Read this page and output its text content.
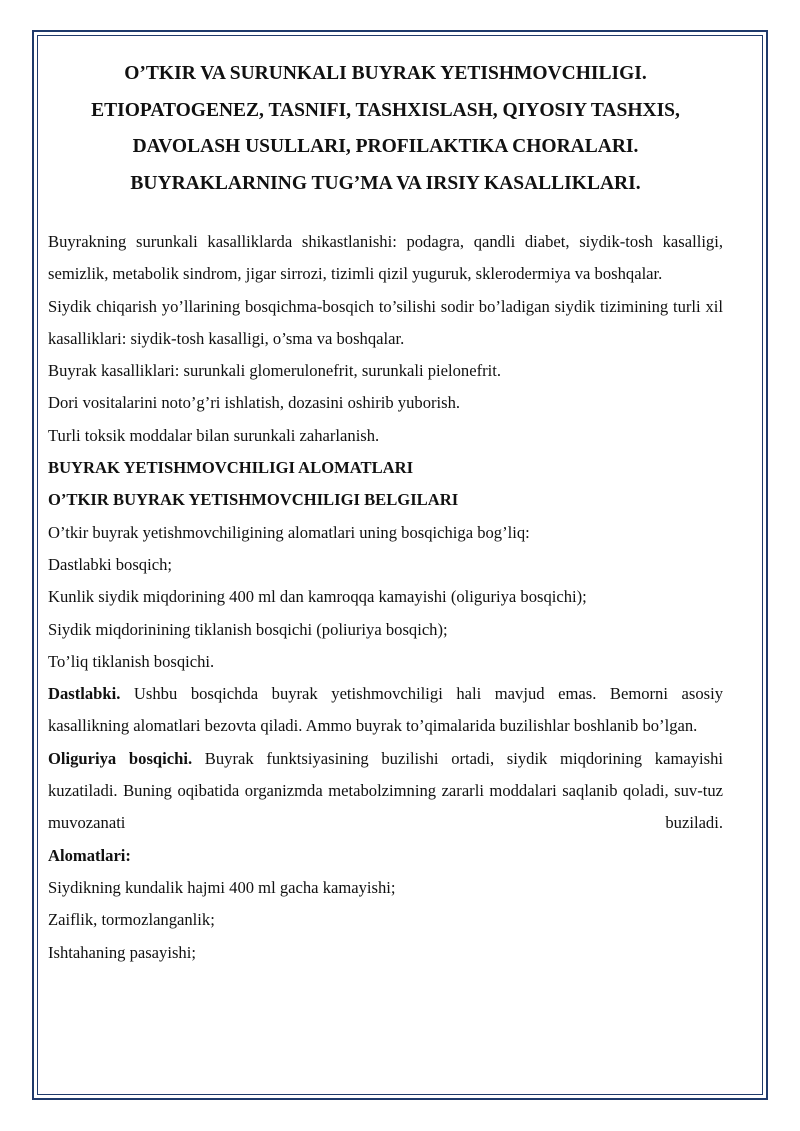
O’TKIR VA SURUNKALI BUYRAK YETISHMOVCHILIGI.
ETIOPATOGENEZ, TASNIFI, TASHXISLASH, QIYOSIY TASHXIS,
DAVOLASH USULLARI, PROFILAKTIKA CHORALARI.
BUYRAKLARNING TUG’MA VA IRSIY KASALLIKLARI.

Buyrakning surunkali kasalliklarda shikastlanishi: podagra, qandli diabet, siydik-tosh kasalligi, semizlik, metabolik sindrom, jigar sirrozi, tizimli qizil yuguruk, sklerodermiya va boshqalar.

Siydik chiqarish yo’llarining bosqichma-bosqich to’silishi sodir bo’ladigan siydik tizimining turli xil kasalliklari: siydik-tosh kasalligi, o’sma va boshqalar.

Buyrak kasalliklari: surunkali glomerulonefrit, surunkali pielonefrit.

Dori vositalarini noto’g’ri ishlatish, dozasini oshirib yuborish.

Turli toksik moddalar bilan surunkali zaharlanish.

BUYRAK YETISHMOVCHILIGI ALOMATLARI

O’TKIR BUYRAK YETISHMOVCHILIGI BELGILARI

O’tkir buyrak yetishmovchiligining alomatlari uning bosqichiga bog’liq:

Dastlabki bosqich;

Kunlik siydik miqdorining 400 ml dan kamroqqa kamayishi (oliguriya bosqichi);

Siydik miqdorinining tiklanish bosqichi (poliuriya bosqich);

To’liq tiklanish bosqichi.

Dastlabki. Ushbu bosqichda buyrak yetishmovchiligi hali mavjud emas. Bemorni asosiy kasallikning alomatlari bezovta qiladi. Ammo buyrak to’qimalarida buzilishlar boshlanib bo’lgan.

Oliguriya bosqichi. Buyrak funktsiyasining buzilishi ortadi, siydik miqdorining kamayishi kuzatiladi. Buning oqibatida organizmda metabolzimning zararli moddalari saqlanib qoladi, suv-tuz muvozanati buziladi.

Alomatlari:

Siydikning kundalik hajmi 400 ml gacha kamayishi;

Zaiflik, tormozlanganlik;

Ishtahaning pasayishi;
